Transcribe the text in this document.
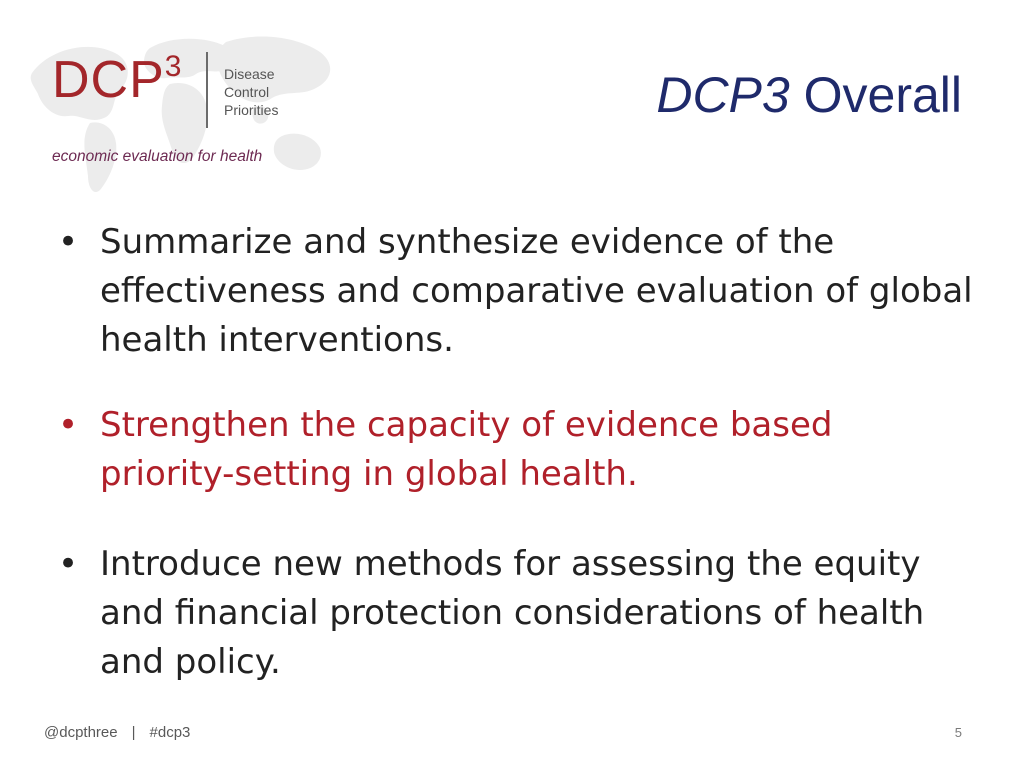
DCP$^3$	Disease
Control
Priorities
economic evaluation for health
DCP3 Overall
• Summarize and synthesize evidence of the effectiveness and comparative evaluation of global health interventions.
• Strengthen the capacity of evidence based priority-setting in global health.
• Introduce new methods for assessing the equity and financial protection considerations of health and policy.
@dcpthree | #dcp3	5
